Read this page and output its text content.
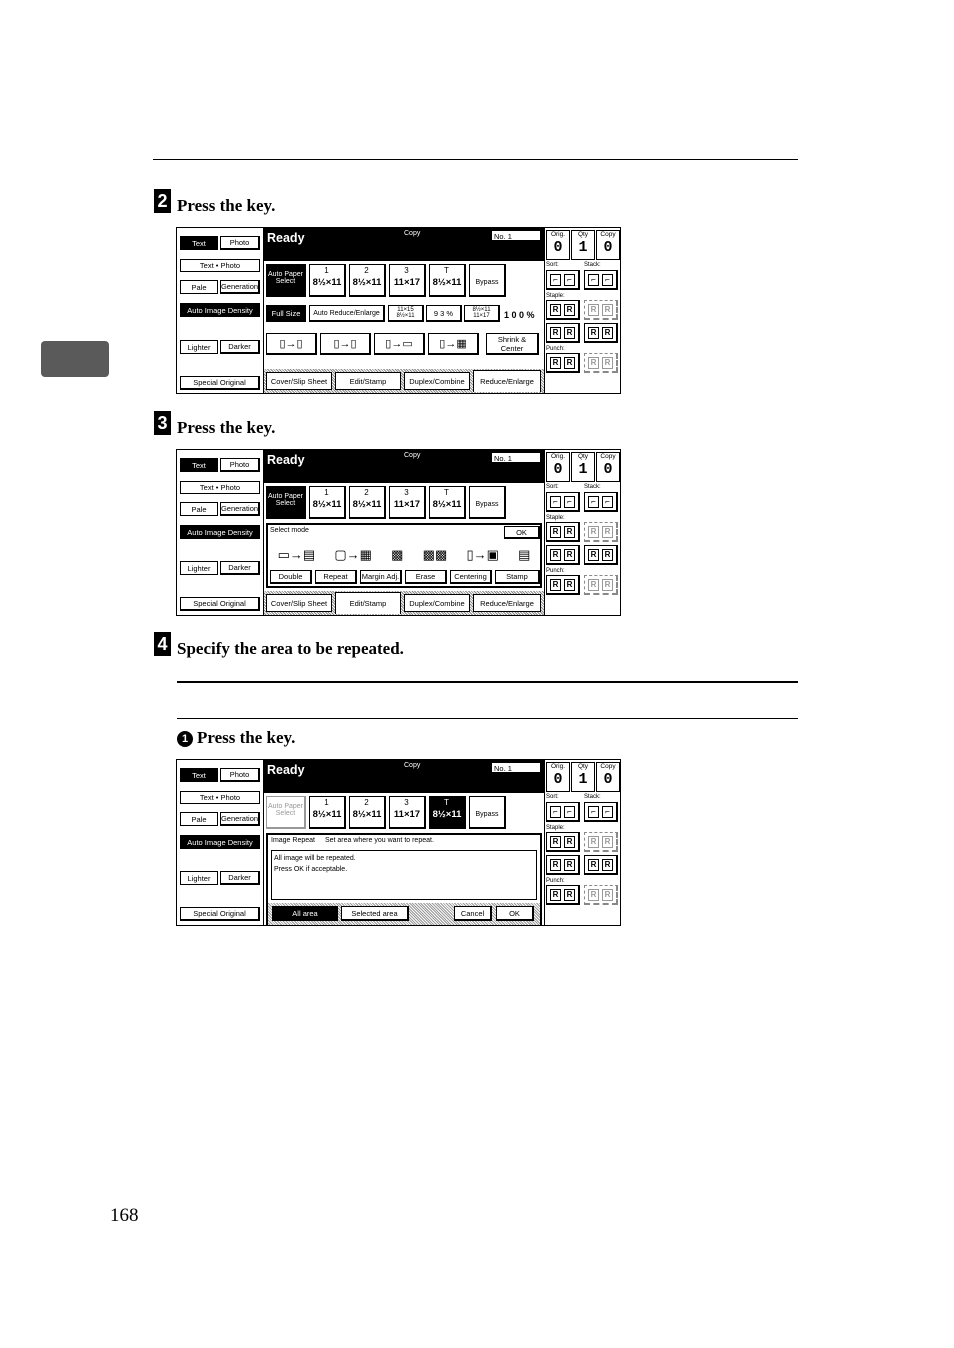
2 Press the key.
Text	Photo
Text • Photo
Pale	Generation
Auto Image Density
Lighter	Darker
Special Original
Ready	Copy	No. 1
Auto Paper Select
1
8½×11
2
8½×11
3
11×17
T
8½×11	Bypass
Full Size	Auto Reduce/Enlarge	11×15 8½×11	9 3 %	8½×11 11×17	1 0 0 %
▯→▯	▯→▯	▯→▭ ▯→▦	Shrink & Center
Cover/Slip Sheet	Edit/Stamp	Duplex/Combine	Reduce/Enlarge
Orig.
0
Qty
1
Copy
0
Sort:	Stack:
⌐	⌐	⌐	⌐
Staple:
R	R	R	R
R	R	R	R
Punch:
R	R	R	R
3 Press the key.
Text	Photo
Text • Photo
Pale	Generation
Auto Image Density
Lighter	Darker
Special Original
Ready	Copy	No. 1
Auto Paper Select
1
8½×11
2
8½×11
3
11×17
T
8½×11	Bypass
Select mode	OK
▭→▤ ▢→▦ ▩ ▩▩ ▯→▣ ▤
Double	Repeat	Margin Adj.	Erase	Centering	Stamp
Cover/Slip Sheet	Edit/Stamp	Duplex/Combine	Reduce/Enlarge
Orig.
0
Qty
1
Copy
0
Sort:	Stack:
⌐	⌐	⌐	⌐
Staple:
R	R	R	R
R	R	R	R
Punch:
R	R	R	R
4 Specify the area to be repeated.
1 Press the key.
Text	Photo
Text • Photo
Pale	Generation
Auto Image Density
Lighter	Darker
Special Original
Ready	Copy	No. 1
Auto Paper Select
1
8½×11
2
8½×11
3
11×17
T
8½×11	Bypass
Image Repeat Set area where you want to repeat.
All image will be repeated.
Press OK if acceptable.
All area	Selected area	Cancel	OK
Orig.
0
Qty
1
Copy
0
Sort:	Stack:
⌐	⌐	⌐	⌐
Staple:
R	R	R	R
R	R	R	R
Punch:
R	R	R	R
168
